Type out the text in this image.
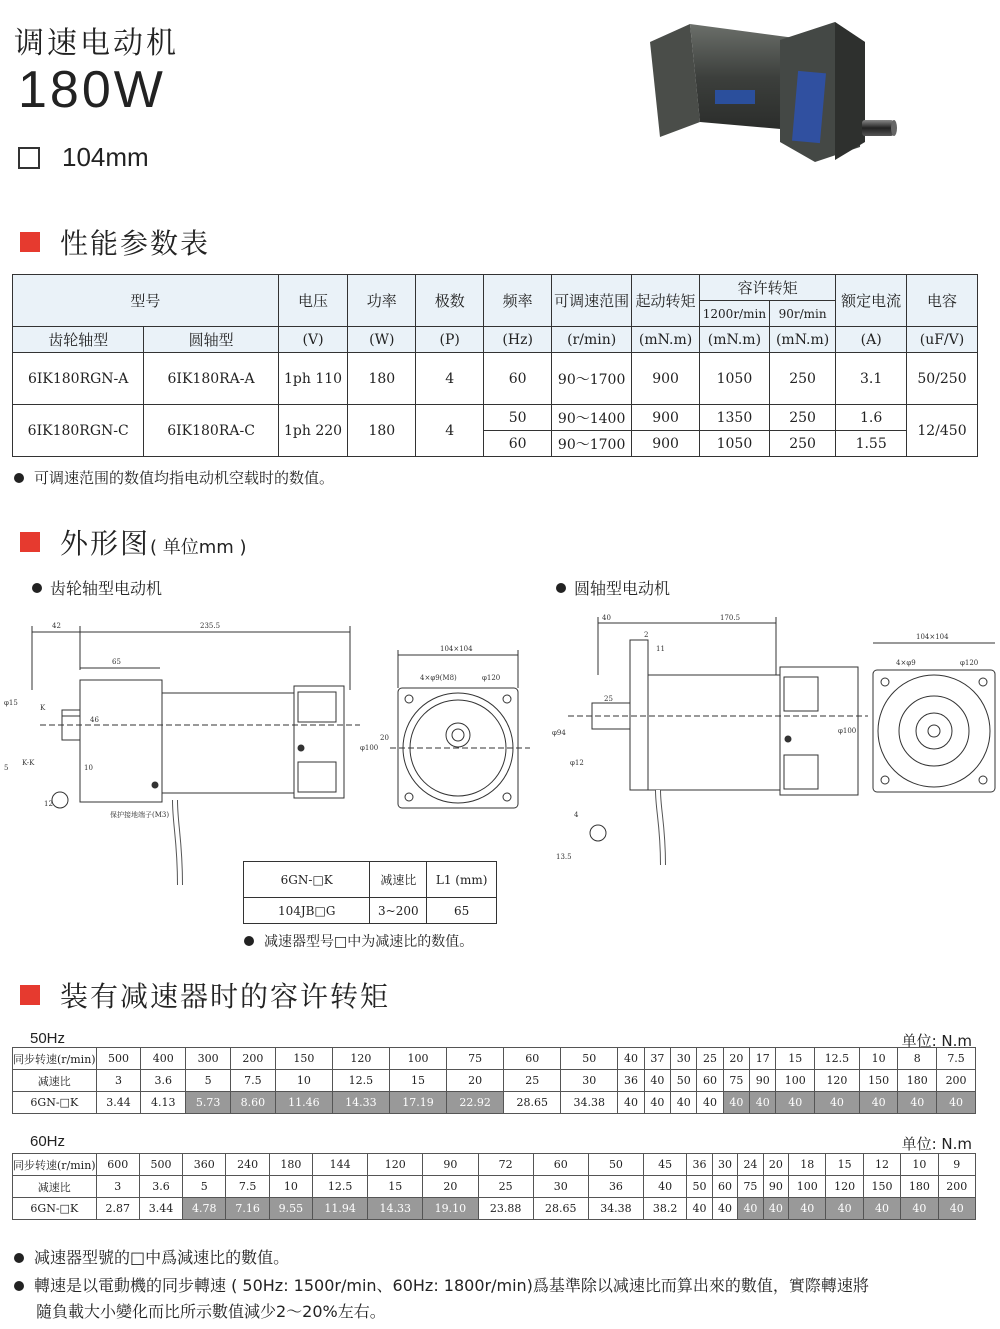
调速电动机
180W
104mm
性能参数表
型号		电压	功率	极数	频率	可调速范围	起动转矩	容许转矩		额定电流	电容
								1200r/min	90r/min		
齿轮轴型	圆轴型	(V)	(W)	(P)	(Hz)	(r/min)	(mN.m)	(mN.m)	(mN.m)	(A)	(uF/V)
6IK180RGN-A	6IK180RA-A	1ph 110	180	4	60	90～1700	900	1050	250	3.1	50/250
6IK180RGN-C	6IK180RA-C	1ph 220	180	4	50	90～1400	900	1350	250	1.6	12/450
					60	90～1700	900	1050	250	1.55	
可调速范围的数值均指电动机空载时的数值。
外形图( 单位mm )
齿轮轴型电动机	圆轴型电动机
42	235.5
65
46
10
20
φ100
104×104
4×φ9(M8)	φ120
12
K
K-K
φ15
5
保护接地端子(M3)
40	170.5
2
11
25
φ94
φ12
φ100
104×104
4×φ9	φ120
4
13.5
6GN-□K	减速比	L1 (mm)
104JB□G	3~200	65
减速器型号□中为减速比的数值。
装有减速器时的容许转矩
50Hz	单位: N.m
同步转速(r/min)	500	400	300	200	150	120	100	75	60	50	40	37	30	25	20	17	15	12.5	10	8	7.5
减速比	3	3.6	5	7.5	10	12.5	15	20	25	30	36	40	50	60	75	90	100	120	150	180	200
6GN-□K	3.44	4.13	5.73	8.60	11.46	14.33	17.19	22.92	28.65	34.38	40	40	40	40	40	40	40	40	40	40	40
60Hz	单位: N.m
同步转速(r/min)	600	500	360	240	180	144	120	90	72	60	50	45	36	30	24	20	18	15	12	10	9
减速比	3	3.6	5	7.5	10	12.5	15	20	25	30	36	40	50	60	75	90	100	120	150	180	200
6GN-□K	2.87	3.44	4.78	7.16	9.55	11.94	14.33	19.10	23.88	28.65	34.38	38.2	40	40	40	40	40	40	40	40	40
减速器型號的□中爲減速比的數值。
轉速是以電動機的同步轉速 ( 50Hz: 1500r/min、60Hz: 1800r/min)爲基準除以减速比而算出來的數值，實際轉速將
隨負載大小變化而比所示數值減少2～20%左右。
